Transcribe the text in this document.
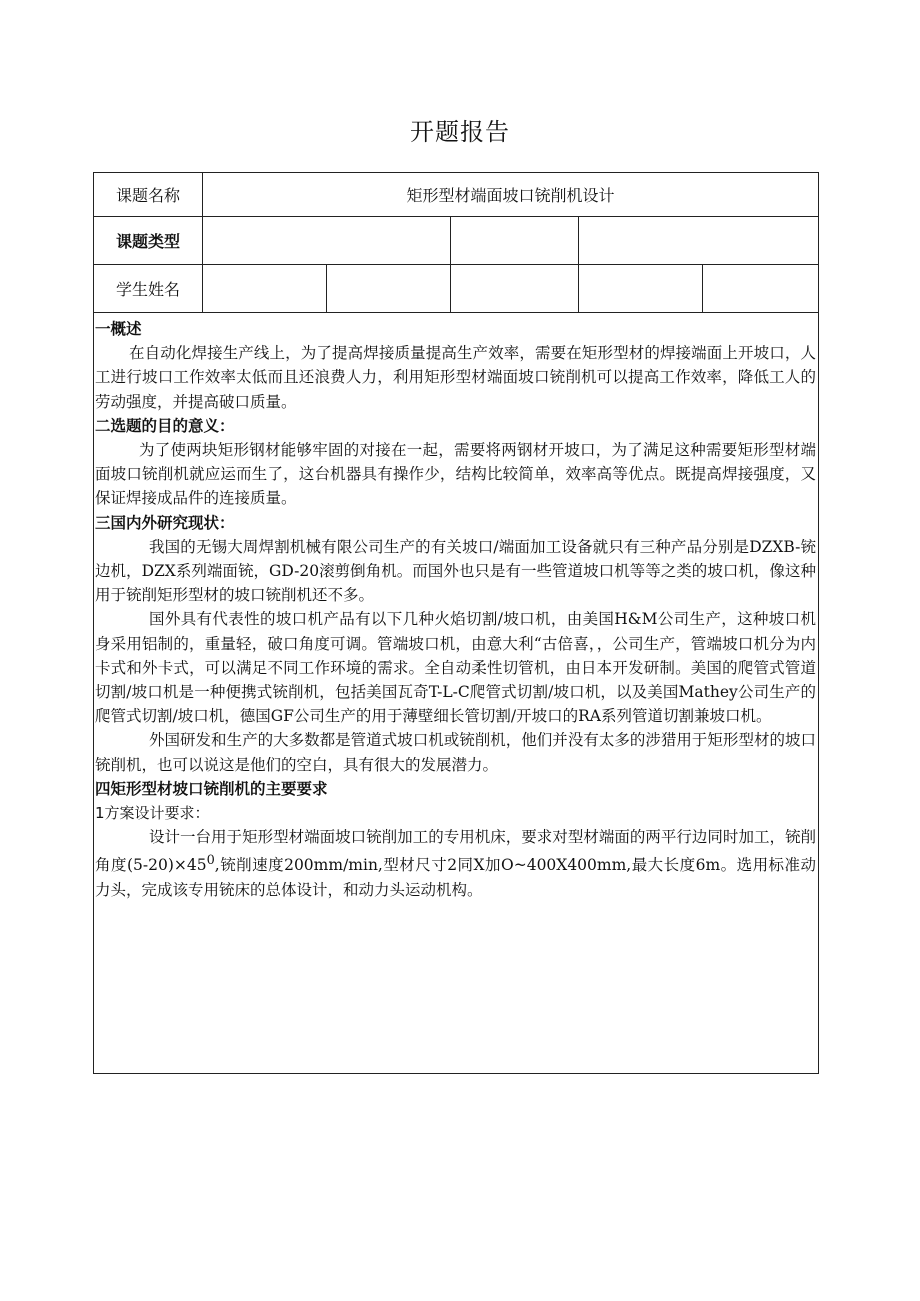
开题报告
课题名称	矩形型材端面坡口铳削机设计
课题类型
学生姓名

一概述

在自动化焊接生产线上，为了提高焊接质量提高生产效率，需要在矩形型材的焊接端面上开坡口，人工进行坡口工作效率太低而且还浪费人力，利用矩形型材端面坡口铳削机可以提高工作效率，降低工人的劳动强度，并提高破口质量。

二选题的目的意义：

为了使两块矩形钢材能够牢固的对接在一起，需要将两钢材开坡口，为了满足这种需要矩形型材端面坡口铳削机就应运而生了，这台机器具有操作少，结构比较简单，效率高等优点。既提高焊接强度，又保证焊接成品件的连接质量。

三国内外研究现状：

我国的无锡大周焊割机械有限公司生产的有关坡口/端面加工设备就只有三种产品分别是DZXB-铳边机，DZX系列端面铳，GD-20滚剪倒角机。而国外也只是有一些管道坡口机等等之类的坡口机，像这种用于铳削矩形型材的坡口铳削机还不多。

国外具有代表性的坡口机产品有以下几种火焰切割/坡口机，由美国H&M公司生产，这种坡口机身采用铝制的，重量轻，破口角度可调。管端坡口机，由意大利“古倍喜，，公司生产，管端坡口机分为内卡式和外卡式，可以满足不同工作环境的需求。全自动柔性切管机，由日本开发研制。美国的爬管式管道切割/坡口机是一种便携式铳削机，包括美国瓦奇T-L-C爬管式切割/坡口机，以及美国Mathey公司生产的爬管式切割/坡口机，德国GF公司生产的用于薄壁细长管切割/开坡口的RA系列管道切割兼坡口机。

外国研发和生产的大多数都是管道式坡口机或铳削机，他们并没有太多的涉猎用于矩形型材的坡口铳削机，也可以说这是他们的空白，具有很大的发展潜力。

四矩形型材坡口铳削机的主要要求

1方案设计要求：

设计一台用于矩形型材端面坡口铳削加工的专用机床，要求对型材端面的两平行边同时加工，铳削角度$(5-20)\times 45^0$,铳削速度200mm∕min,型材尺寸2同X加O~400X400mm,最大长度6m。选用标准动力头，完成该专用铳床的总体设计，和动力头运动机构。
